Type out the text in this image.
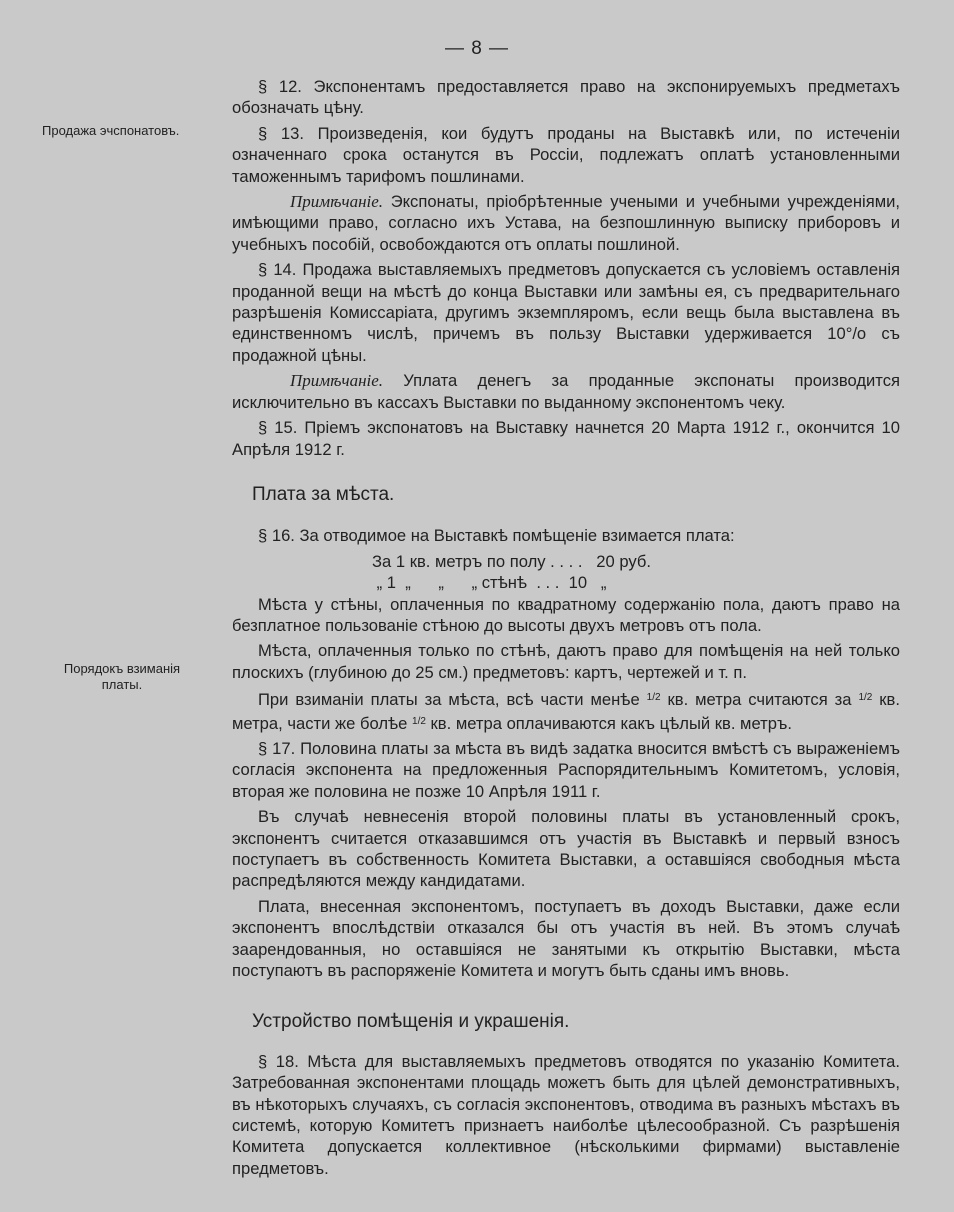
— 8 —
Продажа эчспонатовъ.
Порядокъ взиманія
платы.

§ 12. Экспонентамъ предоставляется право на экспонируемыхъ предметахъ обозначать цѣну.

§ 13. Произведенія, кои будутъ проданы на Выставкѣ или, по истеченіи означеннаго срока останутся въ Россіи, подлежатъ оплатѣ установленными таможеннымъ тарифомъ пошлинами.

Примѣчаніе. Экспонаты, пріобрѣтенные учеными и учебными учрежденіями, имѣющими право, согласно ихъ Устава, на безпошлинную выписку приборовъ и учебныхъ пособій, освобождаются отъ оплаты пошлиной.

§ 14. Продажа выставляемыхъ предметовъ допускается съ условіемъ оставленія проданной вещи на мѣстѣ до конца Выставки или замѣны ея, съ предварительнаго разрѣшенія Комиссаріата, другимъ экземпляромъ, если вещь была выставлена въ единственномъ числѣ, причемъ въ пользу Выставки удерживается 10°/о съ продажной цѣны.

Примѣчаніе. Уплата денегъ за проданные экспонаты производится исключительно въ кассахъ Выставки по выданному экспонентомъ чеку.

§ 15. Пріемъ экспонатовъ на Выставку начнется 20 Марта 1912 г., окончится 10 Апрѣля 1912 г.

Плата за мѣста.

§ 16. За отводимое на Выставкѣ помѣщеніе взимается плата:

За 1 кв. метръ по полу . . . .   20 руб.

„ 1  „      „      „ стѣнѣ  . . .  10   „

Мѣста у стѣны, оплаченныя по квадратному содержанію пола, даютъ право на безплатное пользованіе стѣною до высоты двухъ метровъ отъ пола.

Мѣста, оплаченныя только по стѣнѣ, даютъ право для помѣщенія на ней только плоскихъ (глубиною до 25 см.) предметовъ: картъ, чертежей и т. п.

При взиманіи платы за мѣста, всѣ части менѣе $^{1/2}$ кв. метра считаются за $^{1/2}$ кв. метра, части же болѣе $^{1/2}$ кв. метра оплачиваются какъ цѣлый кв. метръ.

§ 17. Половина платы за мѣста въ видѣ задатка вносится вмѣстѣ съ выраженіемъ согласія экспонента на предложенныя Распорядительнымъ Комитетомъ, условія, вторая же половина не позже 10 Апрѣля 1911 г.

Въ случаѣ невнесенія второй половины платы въ установленный срокъ, экспонентъ считается отказавшимся отъ участія въ Выставкѣ и первый взносъ поступаетъ въ собственность Комитета Выставки, а оставшіяся свободныя мѣста распредѣляются между кандидатами.

Плата, внесенная экспонентомъ, поступаетъ въ доходъ Выставки, даже если экспонентъ впослѣдствіи отказался бы отъ участія въ ней. Въ этомъ случаѣ заарендованныя, но оставшіяся не занятыми къ открытію Выставки, мѣста поступаютъ въ распоряженіе Комитета и могутъ быть сданы имъ вновь.

Устройство помѣщенія и украшенія.

§ 18. Мѣста для выставляемыхъ предметовъ отводятся по указанію Комитета. Затребованная экспонентами площадь можетъ быть для цѣлей демонстративныхъ, въ нѣкоторыхъ случаяхъ, съ согласія экспонентовъ, отводима въ разныхъ мѣстахъ въ системѣ, которую Комитетъ признаетъ наиболѣе цѣлесообразной. Съ разрѣшенія Комитета допускается коллективное (нѣсколькими фирмами) выставленіе предметовъ.
